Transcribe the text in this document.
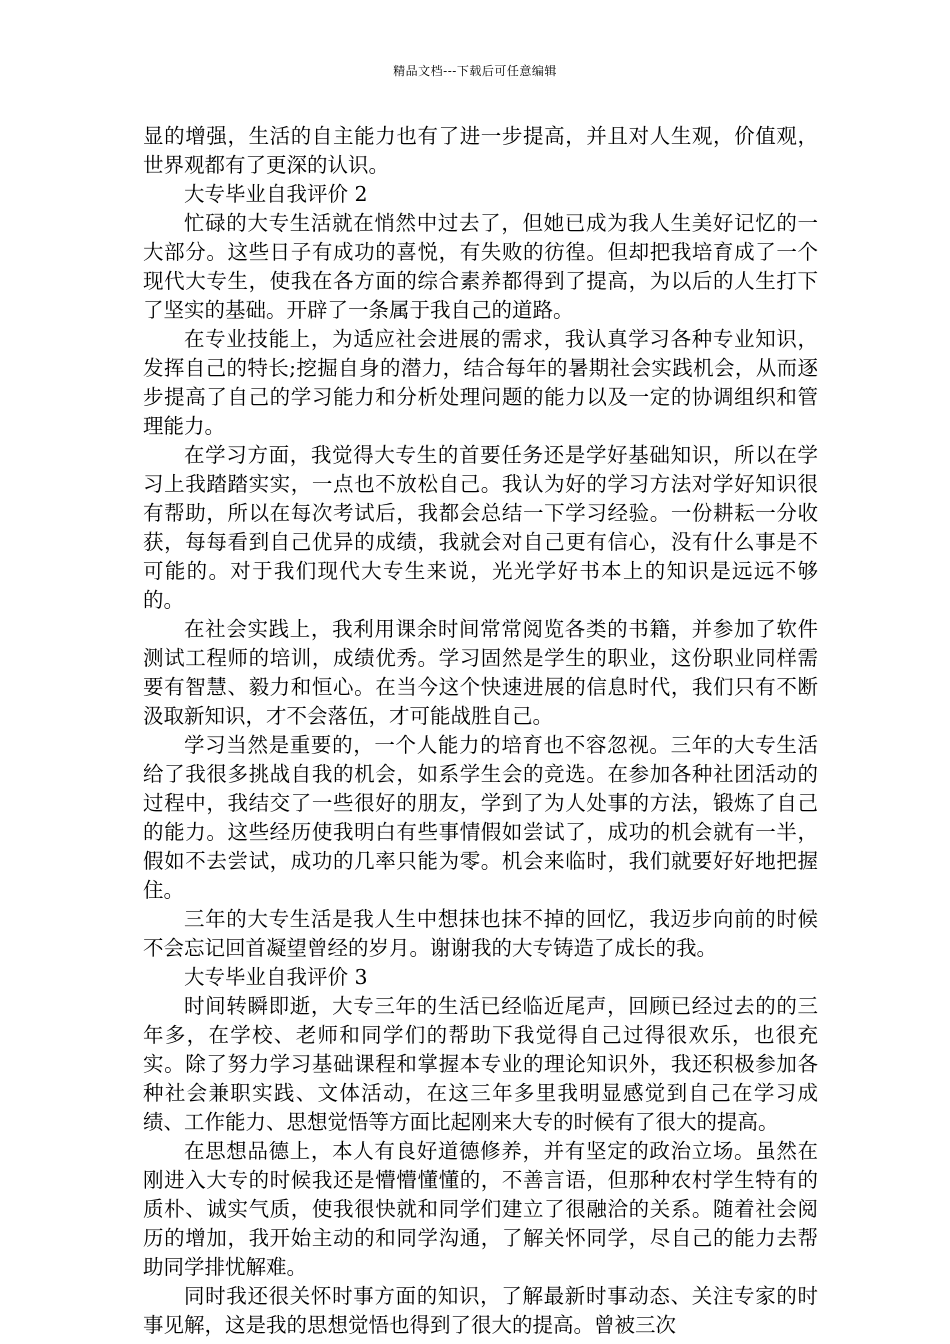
精品文档---下载后可任意编辑

显的增强，生活的自主能力也有了进一步提高，并且对人生观，价值观，世界观都有了更深的认识。

大专毕业自我评价 2

忙碌的大专生活就在悄然中过去了，但她已成为我人生美好记忆的一大部分。这些日子有成功的喜悦，有失败的彷徨。但却把我培育成了一个现代大专生，使我在各方面的综合素养都得到了提高，为以后的人生打下了坚实的基础。开辟了一条属于我自己的道路。

在专业技能上，为适应社会进展的需求，我认真学习各种专业知识，发挥自己的特长;挖掘自身的潜力，结合每年的暑期社会实践机会，从而逐步提高了自己的学习能力和分析处理问题的能力以及一定的协调组织和管理能力。

在学习方面，我觉得大专生的首要任务还是学好基础知识，所以在学习上我踏踏实实，一点也不放松自己。我认为好的学习方法对学好知识很有帮助，所以在每次考试后，我都会总结一下学习经验。一份耕耘一分收获，每每看到自己优异的成绩，我就会对自己更有信心，没有什么事是不可能的。对于我们现代大专生来说，光光学好书本上的知识是远远不够的。

在社会实践上，我利用课余时间常常阅览各类的书籍，并参加了软件测试工程师的培训，成绩优秀。学习固然是学生的职业，这份职业同样需要有智慧、毅力和恒心。在当今这个快速进展的信息时代，我们只有不断汲取新知识，才不会落伍，才可能战胜自己。

学习当然是重要的，一个人能力的培育也不容忽视。三年的大专生活给了我很多挑战自我的机会，如系学生会的竞选。在参加各种社团活动的过程中，我结交了一些很好的朋友，学到了为人处事的方法，锻炼了自己的能力。这些经历使我明白有些事情假如尝试了，成功的机会就有一半，假如不去尝试，成功的几率只能为零。机会来临时，我们就要好好地把握住。

三年的大专生活是我人生中想抹也抹不掉的回忆，我迈步向前的时候不会忘记回首凝望曾经的岁月。谢谢我的大专铸造了成长的我。

大专毕业自我评价 3

时间转瞬即逝，大专三年的生活已经临近尾声，回顾已经过去的的三年多，在学校、老师和同学们的帮助下我觉得自己过得很欢乐，也很充实。除了努力学习基础课程和掌握本专业的理论知识外，我还积极参加各种社会兼职实践、文体活动，在这三年多里我明显感觉到自己在学习成绩、工作能力、思想觉悟等方面比起刚来大专的时候有了很大的提高。

在思想品德上，本人有良好道德修养，并有坚定的政治立场。虽然在刚进入大专的时候我还是懵懵懂懂的，不善言语，但那种农村学生特有的质朴、诚实气质，使我很快就和同学们建立了很融洽的关系。随着社会阅历的增加，我开始主动的和同学沟通，了解关怀同学，尽自己的能力去帮助同学排忧解难。

同时我还很关怀时事方面的知识，了解最新时事动态、关注专家的时事见解，这是我的思想觉悟也得到了很大的提高。曾被三次
